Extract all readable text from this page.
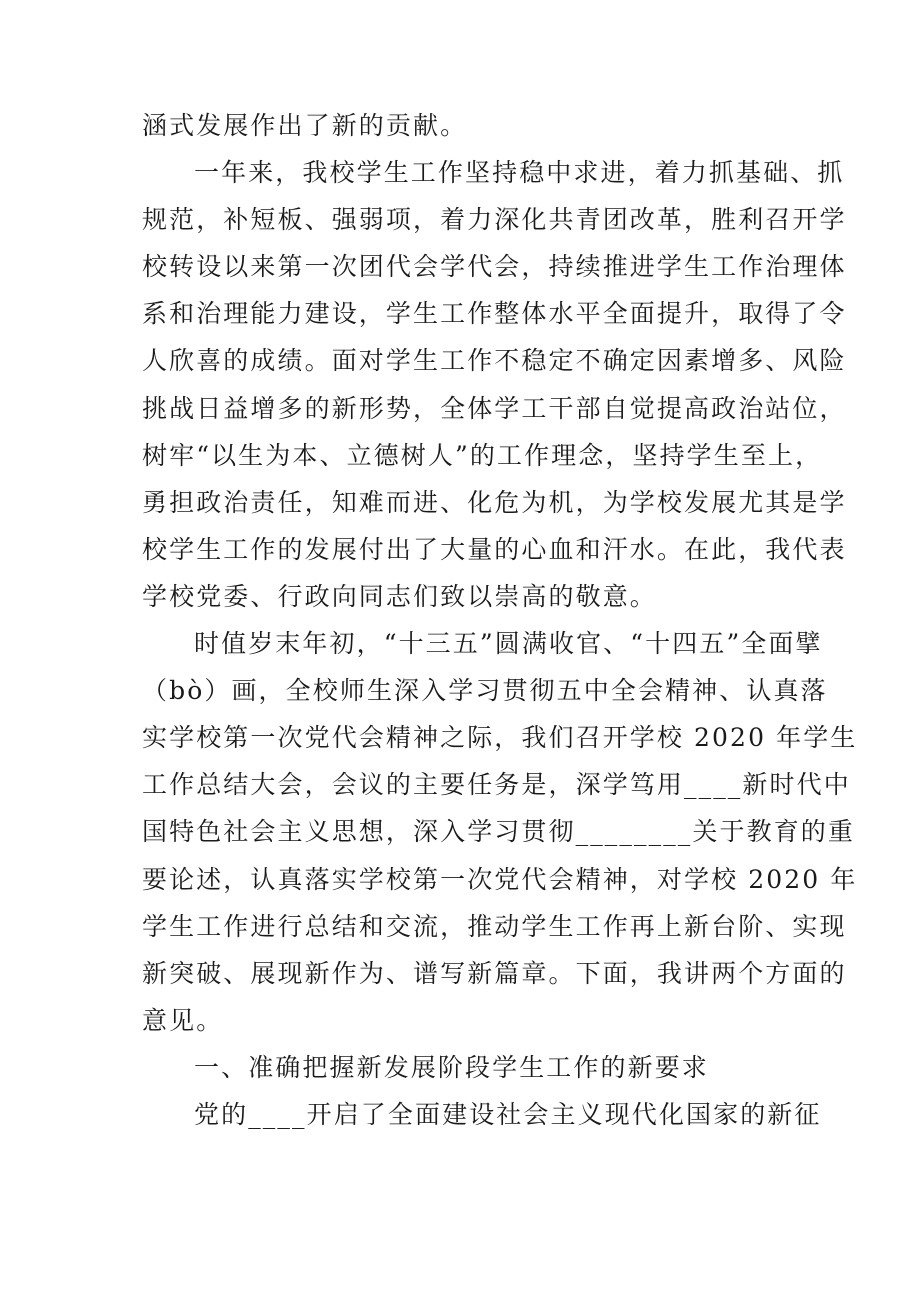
涵式发展作出了新的贡献。

一年来，我校学生工作坚持稳中求进，着力抓基础、抓
规范，补短板、强弱项，着力深化共青团改革，胜利召开学
校转设以来第一次团代会学代会，持续推进学生工作治理体
系和治理能力建设，学生工作整体水平全面提升，取得了令
人欣喜的成绩。面对学生工作不稳定不确定因素增多、风险
挑战日益增多的新形势，全体学工干部自觉提高政治站位，
树牢“以生为本、立德树人”的工作理念，坚持学生至上，
勇担政治责任，知难而进、化危为机，为学校发展尤其是学
校学生工作的发展付出了大量的心血和汗水。在此，我代表
学校党委、行政向同志们致以崇高的敬意。

时值岁末年初，“十三五”圆满收官、“十四五”全面擘
（bò）画，全校师生深入学习贯彻五中全会精神、认真落
实学校第一次党代会精神之际，我们召开学校 2020 年学生
工作总结大会，会议的主要任务是，深学笃用____新时代中
国特色社会主义思想，深入学习贯彻________关于教育的重
要论述，认真落实学校第一次党代会精神，对学校 2020 年
学生工作进行总结和交流，推动学生工作再上新台阶、实现
新突破、展现新作为、谱写新篇章。下面，我讲两个方面的
意见。

一、准确把握新发展阶段学生工作的新要求

党的____开启了全面建设社会主义现代化国家的新征
